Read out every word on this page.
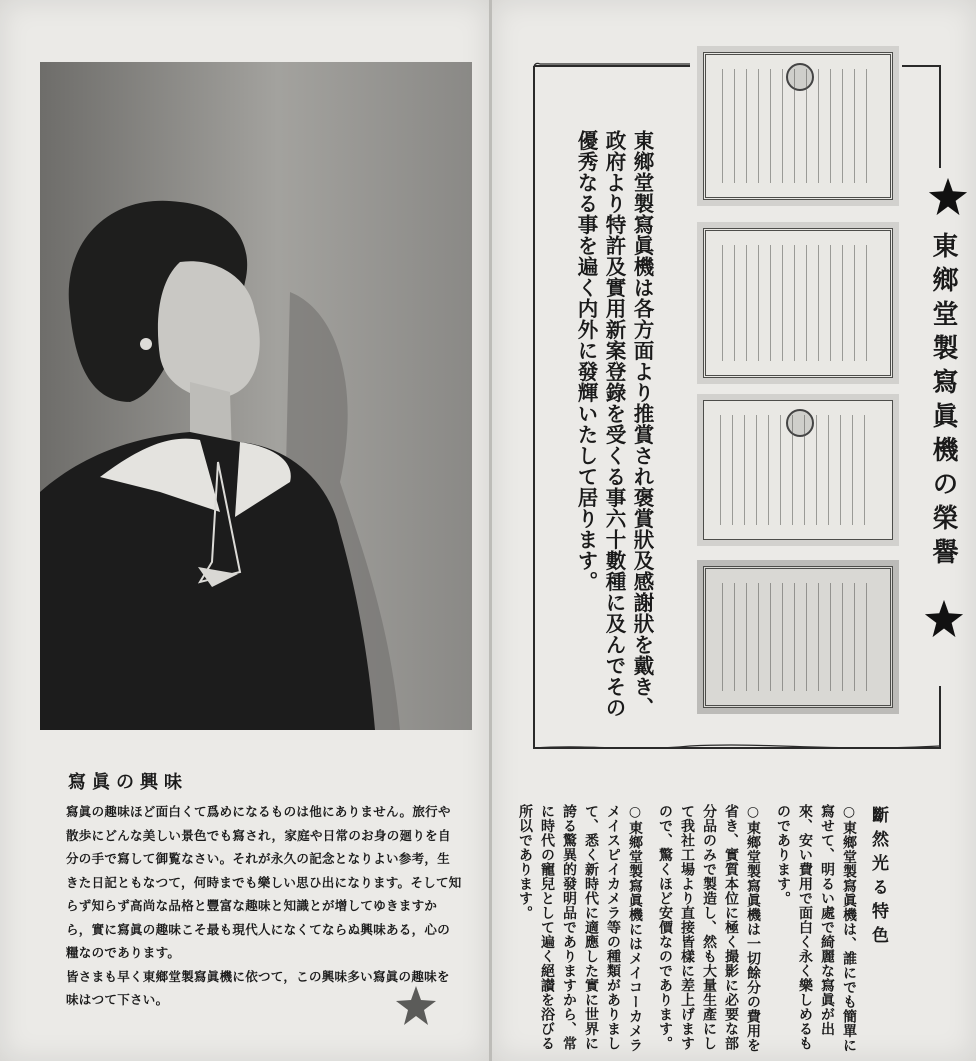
寫眞の興味

寫眞の趣味ほど面白くて爲めになるものは他にありません。旅行や散歩にどんな美しい景色でも寫され，家庭や日常のお身の廻りを自分の手で寫して御覧なさい。それが永久の記念となりよい参考，生きた日記ともなつて，何時までも樂しい思ひ出になります。そして知らず知らず高尚な品格と豐富な趣味と知識とが增してゆきますから，實に寫眞の趣味こそ最も現代人になくてならぬ興味ある，心の糧なのであります。

皆さまも早く東鄉堂製寫眞機に依つて，この興味多い寫眞の趣味を味はつて下さい。

東鄉堂製寫眞機は各方面より推賞され褒賞狀及感謝狀を戴き、政府より特許及實用新案登錄を受くる事六十數種に及んでその優秀なる事を遍く内外に發輝いたして居ります。	東鄉堂製寫眞機の榮譽
斷然光る特色

○東鄉堂製寫眞機は、誰にでも簡單に寫せて、明るい處で綺麗な寫眞が出來、安い費用で面白く永く樂しめるものであります。

○東鄉堂製寫眞機は一切餘分の費用を省き、實質本位に極く撮影に必要な部分品のみで製造し、然も大量生產にして我社工場より直接皆樣に差上げますので、驚くほど安價なのであります。

○東鄉堂製寫眞機にはメイコーカメラメイスピイカメラ等の種類がありまして、悉く新時代に適應した實に世界に誇る驚異的發明品でありますから、常に時代の寵兒として遍く絕讃を浴びる所以であります。
